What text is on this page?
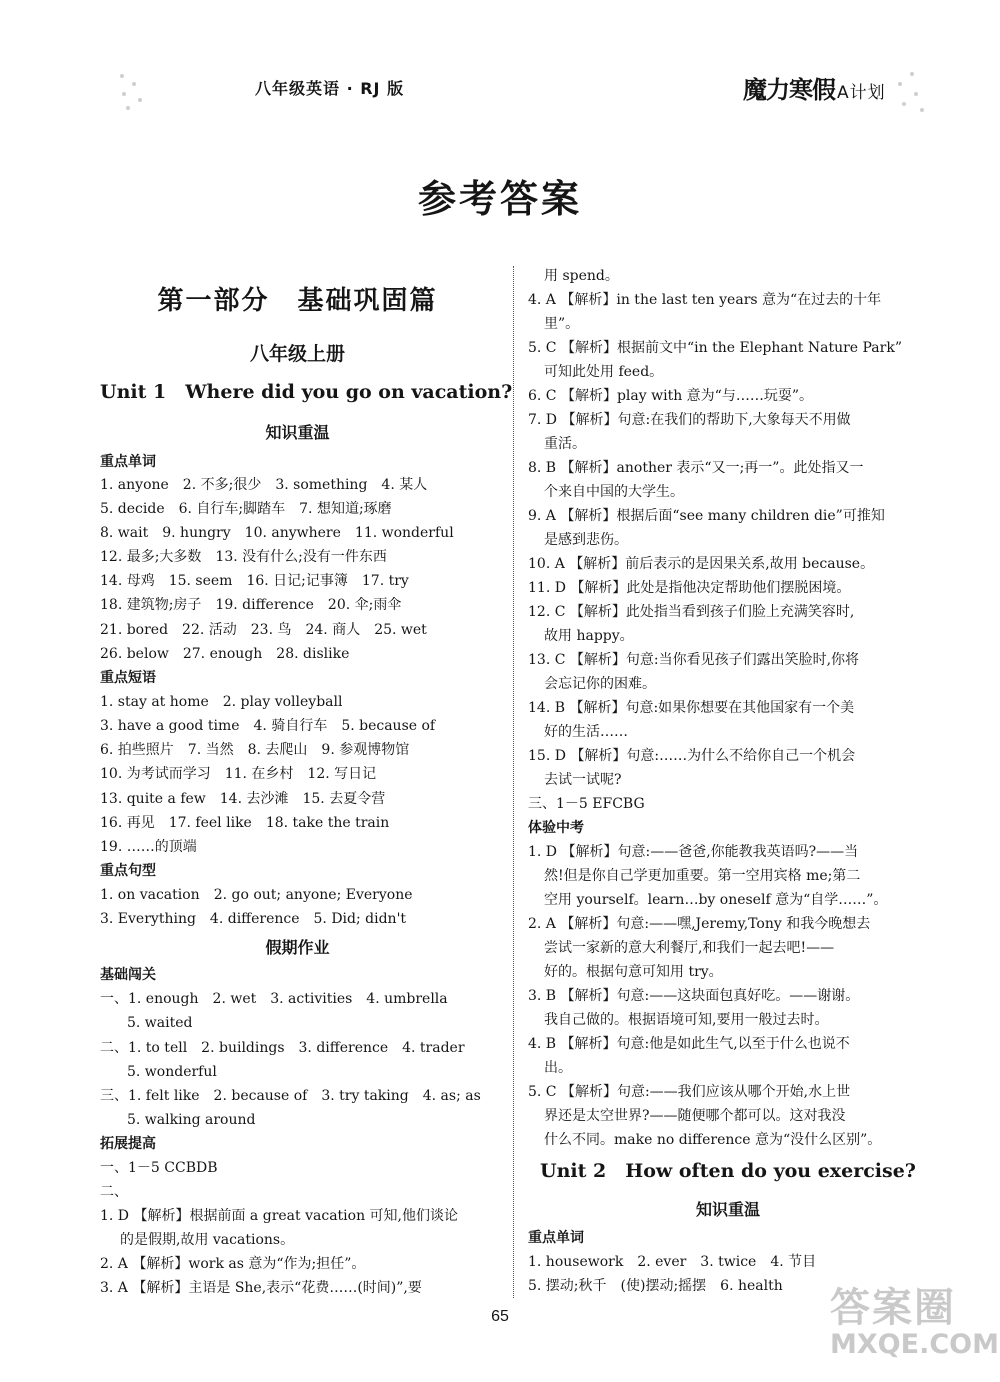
八年级英语 · RJ 版	魔力寒假 A计划
参考答案
第一部分　基础巩固篇
八年级上册
Unit 1　Where did you go on vacation?
知识重温
重点单词
1. anyone　2. 不多;很少　3. something　4. 某人
5. decide　6. 自行车;脚踏车　7. 想知道;琢磨
8. wait　9. hungry　10. anywhere　11. wonderful
12. 最多;大多数　13. 没有什么;没有一件东西
14. 母鸡　15. seem　16. 日记;记事簿　17. try
18. 建筑物;房子　19. difference　20. 伞;雨伞
21. bored　22. 活动　23. 鸟　24. 商人　25. wet
26. below　27. enough　28. dislike
重点短语
1. stay at home　2. play volleyball
3. have a good time　4. 骑自行车　5. because of
6. 拍些照片　7. 当然　8. 去爬山　9. 参观博物馆
10. 为考试而学习　11. 在乡村　12. 写日记
13. quite a few　14. 去沙滩　15. 去夏令营
16. 再见　17. feel like　18. take the train
19. ……的顶端
重点句型
1. on vacation　2. go out; anyone; Everyone
3. Everything　4. difference　5. Did; didn't
假期作业
基础闯关
一、1. enough　2. wet　3. activities　4. umbrella
5. waited
二、1. to tell　2. buildings　3. difference　4. trader
5. wonderful
三、1. felt like　2. because of　3. try taking　4. as; as
5. walking around
拓展提高
一、1－5 CCBDB
二、
1. D 【解析】根据前面 a great vacation 可知,他们谈论
的是假期,故用 vacations。
2. A 【解析】work as 意为“作为;担任”。
3. A 【解析】主语是 She,表示“花费……(时间)”,要
用 spend。
4. A 【解析】in the last ten years 意为“在过去的十年
里”。
5. C 【解析】根据前文中“in the Elephant Nature Park”
可知此处用 feed。
6. C 【解析】play with 意为“与……玩耍”。
7. D 【解析】句意:在我们的帮助下,大象每天不用做
重活。
8. B 【解析】another 表示“又一;再一”。此处指又一
个来自中国的大学生。
9. A 【解析】根据后面“see many children die”可推知
是感到悲伤。
10. A 【解析】前后表示的是因果关系,故用 because。
11. D 【解析】此处是指他决定帮助他们摆脱困境。
12. C 【解析】此处指当看到孩子们脸上充满笑容时,
故用 happy。
13. C 【解析】句意:当你看见孩子们露出笑脸时,你将
会忘记你的困难。
14. B 【解析】句意:如果你想要在其他国家有一个美
好的生活……
15. D 【解析】句意:……为什么不给你自己一个机会
去试一试呢?
三、1－5 EFCBG
体验中考
1. D 【解析】句意:——爸爸,你能教我英语吗?——当
然!但是你自己学更加重要。第一空用宾格 me;第二
空用 yourself。learn…by oneself 意为“自学……”。
2. A 【解析】句意:——嘿,Jeremy,Tony 和我今晚想去
尝试一家新的意大利餐厅,和我们一起去吧!——
好的。根据句意可知用 try。
3. B 【解析】句意:——这块面包真好吃。——谢谢。
我自己做的。根据语境可知,要用一般过去时。
4. B 【解析】句意:他是如此生气,以至于什么也说不
出。
5. C 【解析】句意:——我们应该从哪个开始,水上世
界还是太空世界?——随便哪个都可以。这对我没
什么不同。make no difference 意为“没什么区别”。
Unit 2　How often do you exercise?
知识重温
重点单词
1. housework　2. ever　3. twice　4. 节目
5. 摆动;秋千　(使)摆动;摇摆　6. health
65	答案圈
MXQE.COM
